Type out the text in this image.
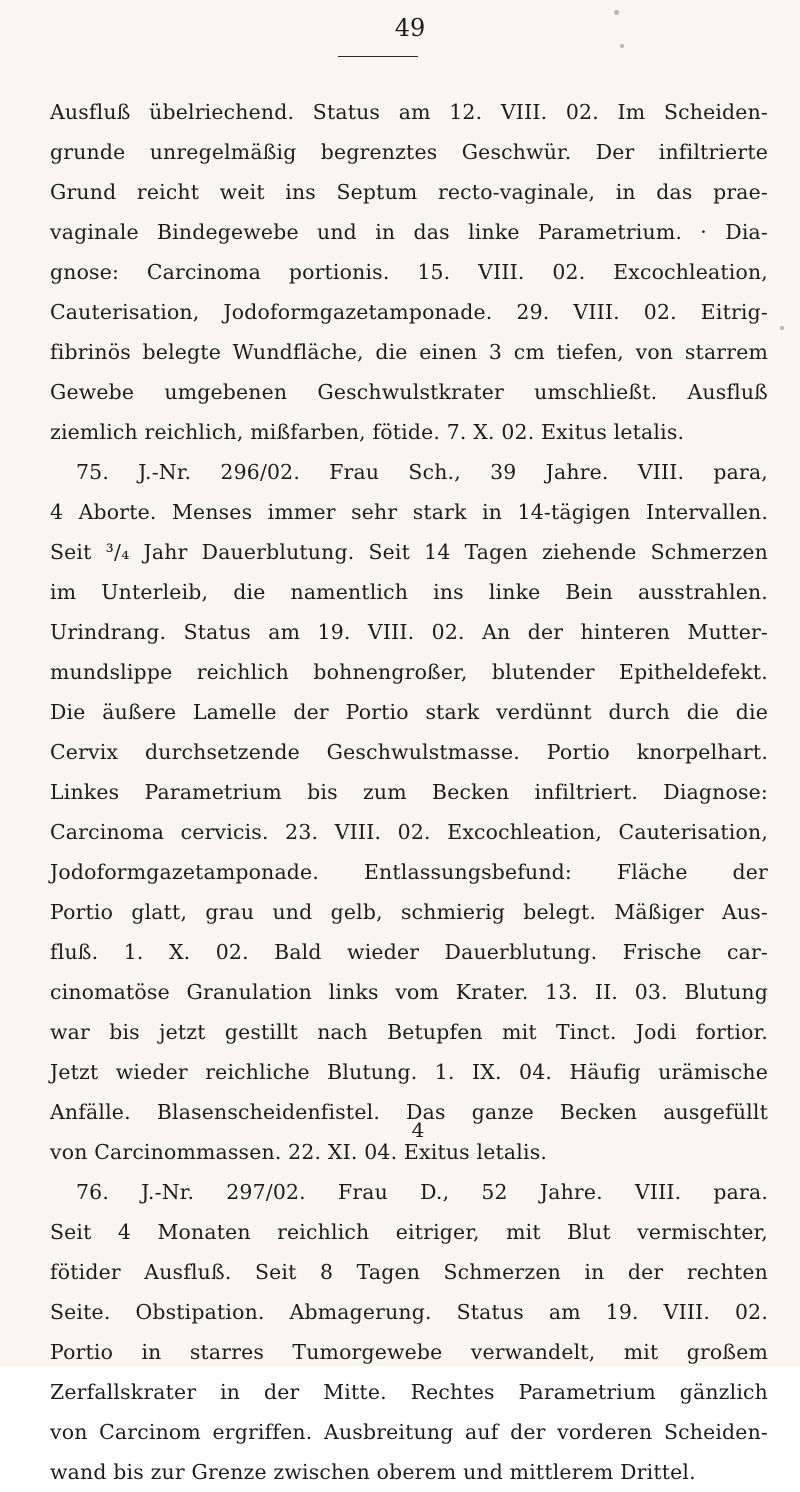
49
Ausfluß übelriechend. Status am 12. VIII. 02. Im Scheiden-
grunde unregelmäßig begrenztes Geschwür. Der infiltrierte
Grund reicht weit ins Septum recto-vaginale, in das prae-
vaginale Bindegewebe und in das linke Parametrium. · Dia-
gnose: Carcinoma portionis. 15. VIII. 02. Excochleation,
Cauterisation, Jodoformgazetamponade. 29. VIII. 02. Eitrig-
fibrinös belegte Wundfläche, die einen 3 cm tiefen, von starrem
Gewebe umgebenen Geschwulstkrater umschließt. Ausfluß
ziemlich reichlich, mißfarben, fötide. 7. X. 02. Exitus letalis.
75. J.-Nr. 296/02. Frau Sch., 39 Jahre. VIII. para,
4 Aborte. Menses immer sehr stark in 14-tägigen Intervallen.
Seit ³/₄ Jahr Dauerblutung. Seit 14 Tagen ziehende Schmerzen
im Unterleib, die namentlich ins linke Bein ausstrahlen.
Urindrang. Status am 19. VIII. 02. An der hinteren Mutter-
mundslippe reichlich bohnengroßer, blutender Epitheldefekt.
Die äußere Lamelle der Portio stark verdünnt durch die die
Cervix durchsetzende Geschwulstmasse. Portio knorpelhart.
Linkes Parametrium bis zum Becken infiltriert. Diagnose:
Carcinoma cervicis. 23. VIII. 02. Excochleation, Cauterisation,
Jodoformgazetamponade. Entlassungsbefund: Fläche der
Portio glatt, grau und gelb, schmierig belegt. Mäßiger Aus-
fluß. 1. X. 02. Bald wieder Dauerblutung. Frische car-
cinomatöse Granulation links vom Krater. 13. II. 03. Blutung
war bis jetzt gestillt nach Betupfen mit Tinct. Jodi fortior.
Jetzt wieder reichliche Blutung. 1. IX. 04. Häufig urämische
Anfälle. Blasenscheidenfistel. Das ganze Becken ausgefüllt
von Carcinommassen. 22. XI. 04. Exitus letalis.
76. J.-Nr. 297/02. Frau D., 52 Jahre. VIII. para.
Seit 4 Monaten reichlich eitriger, mit Blut vermischter,
fötider Ausfluß. Seit 8 Tagen Schmerzen in der rechten
Seite. Obstipation. Abmagerung. Status am 19. VIII. 02.
Portio in starres Tumorgewebe verwandelt, mit großem
Zerfallskrater in der Mitte. Rechtes Parametrium gänzlich
von Carcinom ergriffen. Ausbreitung auf der vorderen Scheiden-
wand bis zur Grenze zwischen oberem und mittlerem Drittel.
4
